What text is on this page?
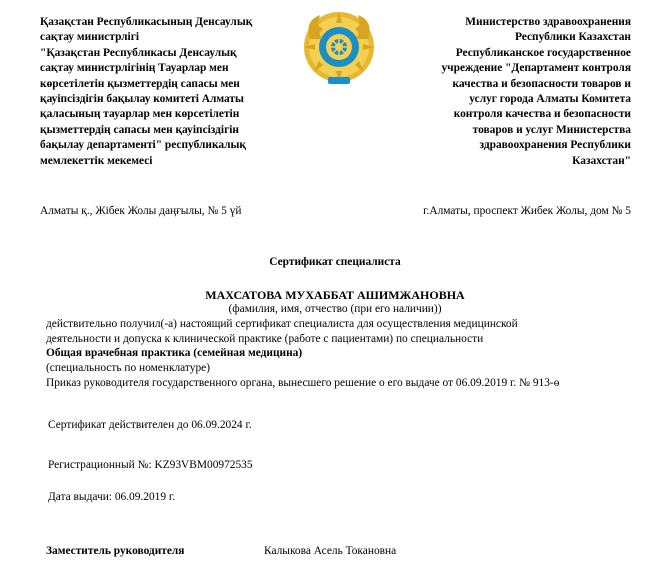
Қазақстан Республикасының Денсаулық
сақтау министрлігі
"Қазақстан Республикасы Денсаулық
сақтау министрлігінің Тауарлар мен
көрсетілетін қызметтердің сапасы мен
қауіпсіздігін бақылау комитеті Алматы
қаласының тауарлар мен көрсетілетін
қызметтердің сапасы мен қауіпсіздігін
бақылау департаменті" республикалық
мемлекеттік мекемесі
Министерство здравоохранения
Республики Казахстан
Республиканское государственное
учреждение "Департамент контроля
качества и безопасности товаров и
услуг города Алматы Комитета
контроля качества и безопасности
товаров и услуг Министерства
здравоохранения Республики
Казахстан"
Алматы қ., Жібек Жолы даңғылы, № 5 үй	г.Алматы, проспект Жибек Жолы, дом № 5
Сертификат специалиста
МАХСАТОВА МУХАББАТ АШИМЖАНОВНА
(фамилия, имя, отчество (при его наличии))
действительно получил(-а) настоящий сертификат специалиста для осуществления медицинской
деятельности и допуска к клинической практике (работе с пациентами) по специальности
Общая врачебная практика (семейная медицина)
(специальность по номенклатуре)
Приказ руководителя государственного органа, вынесшего решение о его выдаче от 06.09.2019 г. № 913-ө
Сертификат действителен до 06.09.2024 г.
Регистрационный №: KZ93VBM00972535
Дата выдачи: 06.09.2019 г.
Заместитель руководителя	Калыкова Асель Токановна
